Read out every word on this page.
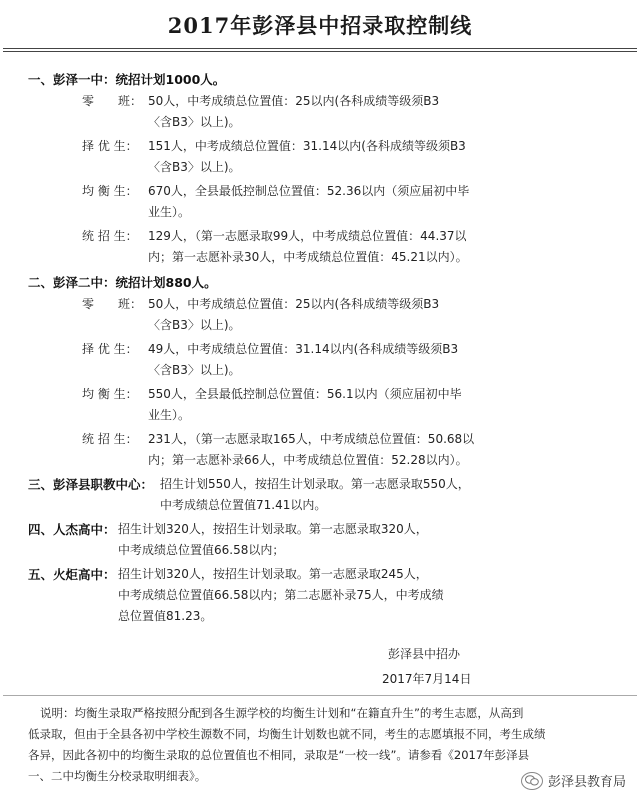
2017年彭泽县中招录取控制线
一、彭泽一中：统招计划1000人。
零　　班： 50人，中考成绩总位置值：25以内(各科成绩等级须B3
〈含B3〉以上)。
择 优 生： 151人，中考成绩总位置值：31.14以内(各科成绩等级须B3
〈含B3〉以上)。
均 衡 生： 670人，全县最低控制总位置值：52.36以内（须应届初中毕
业生）。
统 招 生： 129人，（第一志愿录取99人，中考成绩总位置值：44.37以
内；第一志愿补录30人，中考成绩总位置值：45.21以内）。
二、彭泽二中：统招计划880人。
零　　班： 50人，中考成绩总位置值：25以内(各科成绩等级须B3
〈含B3〉以上)。
择 优 生： 49人，中考成绩总位置值：31.14以内(各科成绩等级须B3
〈含B3〉以上)。
均 衡 生： 550人，全县最低控制总位置值：56.1以内（须应届初中毕
业生）。
统 招 生： 231人，（第一志愿录取165人，中考成绩总位置值：50.68以
内；第一志愿补录66人，中考成绩总位置值：52.28以内）。
三、彭泽县职教中心： 招生计划550人，按招生计划录取。第一志愿录取550人，
中考成绩总位置值71.41以内。
四、人杰高中： 招生计划320人，按招生计划录取。第一志愿录取320人，
中考成绩总位置值66.58以内；
五、火炬高中： 招生计划320人，按招生计划录取。第一志愿录取245人，
中考成绩总位置值66.58以内；第二志愿补录75人，中考成绩
总位置值81.23。
彭泽县中招办
2017年7月14日
说明：均衡生录取严格按照分配到各生源学校的均衡生计划和“在籍直升生”的考生志愿，从高到
低录取，但由于全县各初中学校生源数不同，均衡生计划数也就不同，考生的志愿填报不同，考生成绩
各异，因此各初中的均衡生录取的总位置值也不相同，录取是“一校一线”。请参看《2017年彭泽县
一、二中均衡生分校录取明细表》。	彭泽县教育局
